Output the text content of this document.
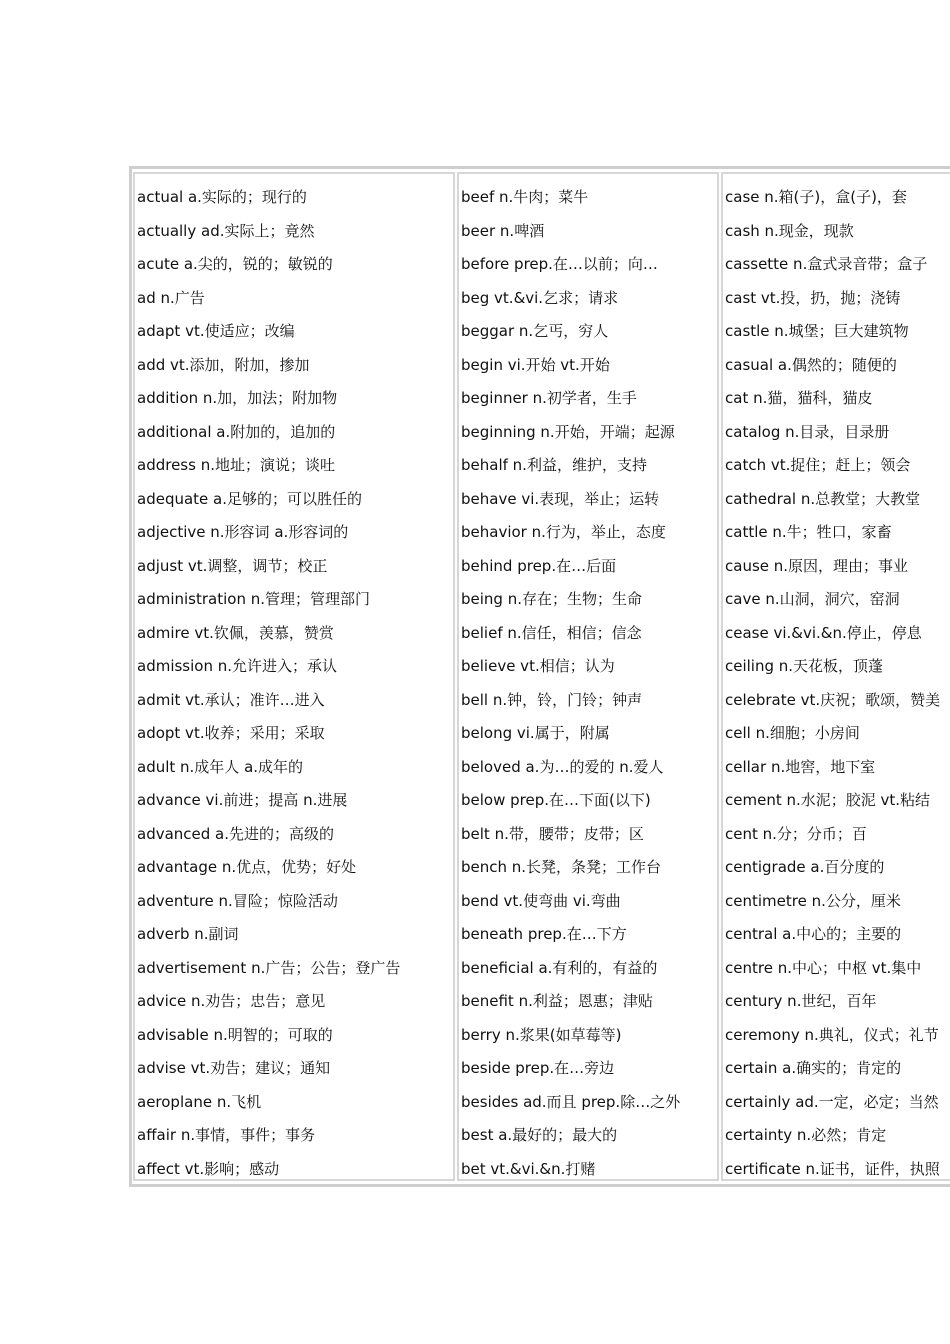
actual a.实际的；现行的
actually ad.实际上；竟然
acute a.尖的，锐的；敏锐的
ad n.广告
adapt vt.使适应；改编
add vt.添加，附加，掺加
addition n.加，加法；附加物
additional a.附加的，追加的
address n.地址；演说；谈吐
adequate a.足够的；可以胜任的
adjective n.形容词 a.形容词的
adjust vt.调整，调节；校正
administration n.管理；管理部门
admire vt.钦佩，羡慕，赞赏
admission n.允许进入；承认
admit vt.承认；准许…进入
adopt vt.收养；采用；采取
adult n.成年人 a.成年的
advance vi.前进；提高 n.进展
advanced a.先进的；高级的
advantage n.优点，优势；好处
adventure n.冒险；惊险活动
adverb n.副词
advertisement n.广告；公告；登广告
advice n.劝告；忠告；意见
advisable n.明智的；可取的
advise vt.劝告；建议；通知
aeroplane n.飞机
affair n.事情，事件；事务
affect vt.影响；感动
beef n.牛肉；菜牛
beer n.啤酒
before prep.在…以前；向…
beg vt.&vi.乞求；请求
beggar n.乞丐，穷人
begin vi.开始 vt.开始
beginner n.初学者，生手
beginning n.开始，开端；起源
behalf n.利益，维护，支持
behave vi.表现，举止；运转
behavior n.行为，举止，态度
behind prep.在…后面
being n.存在；生物；生命
belief n.信任，相信；信念
believe vt.相信；认为
bell n.钟，铃，门铃；钟声
belong vi.属于，附属
beloved a.为…的爱的 n.爱人
below prep.在…下面(以下)
belt n.带，腰带；皮带；区
bench n.长凳，条凳；工作台
bend vt.使弯曲 vi.弯曲
beneath prep.在…下方
beneficial a.有利的，有益的
benefit n.利益；恩惠；津贴
berry n.浆果(如草莓等)
beside prep.在…旁边
besides ad.而且 prep.除…之外
best a.最好的；最大的
bet vt.&vi.&n.打赌
case n.箱(子)，盒(子)，套
cash n.现金，现款
cassette n.盒式录音带；盒子
cast vt.投，扔，抛；浇铸
castle n.城堡；巨大建筑物
casual a.偶然的；随便的
cat n.猫，猫科，猫皮
catalog n.目录，目录册
catch vt.捉住；赶上；领会
cathedral n.总教堂；大教堂
cattle n.牛；牲口，家畜
cause n.原因，理由；事业
cave n.山洞，洞穴，窑洞
cease vi.&vi.&n.停止，停息
ceiling n.天花板，顶蓬
celebrate vt.庆祝；歌颂，赞美
cell n.细胞；小房间
cellar n.地窖，地下室
cement n.水泥；胶泥 vt.粘结
cent n.分；分币；百
centigrade a.百分度的
centimetre n.公分，厘米
central a.中心的；主要的
centre n.中心；中枢 vt.集中
century n.世纪，百年
ceremony n.典礼，仪式；礼节
certain a.确实的；肯定的
certainly ad.一定，必定；当然
certainty n.必然；肯定
certificate n.证书，证件，执照
